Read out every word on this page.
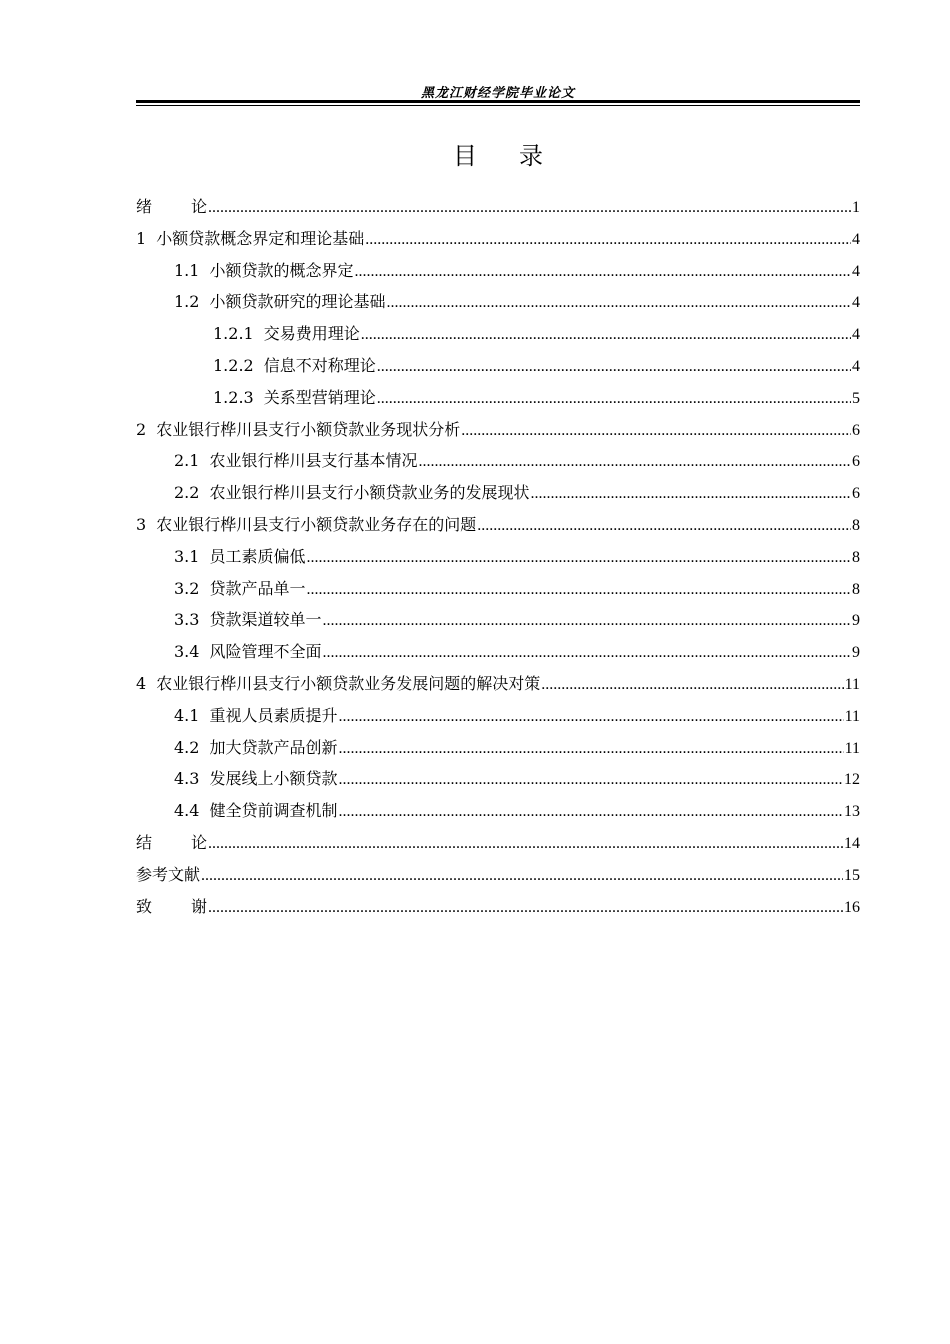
黑龙江财经学院毕业论文
目录
绪论 .....	1
1 小额贷款概念界定和理论基础 .....	4
1.1 小额贷款的概念界定 .....	4
1.2 小额贷款研究的理论基础 .....	4
1.2.1 交易费用理论 .....	4
1.2.2 信息不对称理论 .....	4
1.2.3 关系型营销理论 .....	5
2 农业银行桦川县支行小额贷款业务现状分析 .....	6
2.1 农业银行桦川县支行基本情况 .....	6
2.2 农业银行桦川县支行小额贷款业务的发展现状 .....	6
3 农业银行桦川县支行小额贷款业务存在的问题 .....	8
3.1 员工素质偏低 .....	8
3.2 贷款产品单一 .....	8
3.3 贷款渠道较单一 .....	9
3.4 风险管理不全面 .....	9
4 农业银行桦川县支行小额贷款业务发展问题的解决对策 .....	11
4.1 重视人员素质提升 .....	11
4.2 加大贷款产品创新 .....	11
4.3 发展线上小额贷款 .....	12
4.4 健全贷前调查机制 .....	13
结论 .....	14
参考文献 .....	15
致谢 .....	16
